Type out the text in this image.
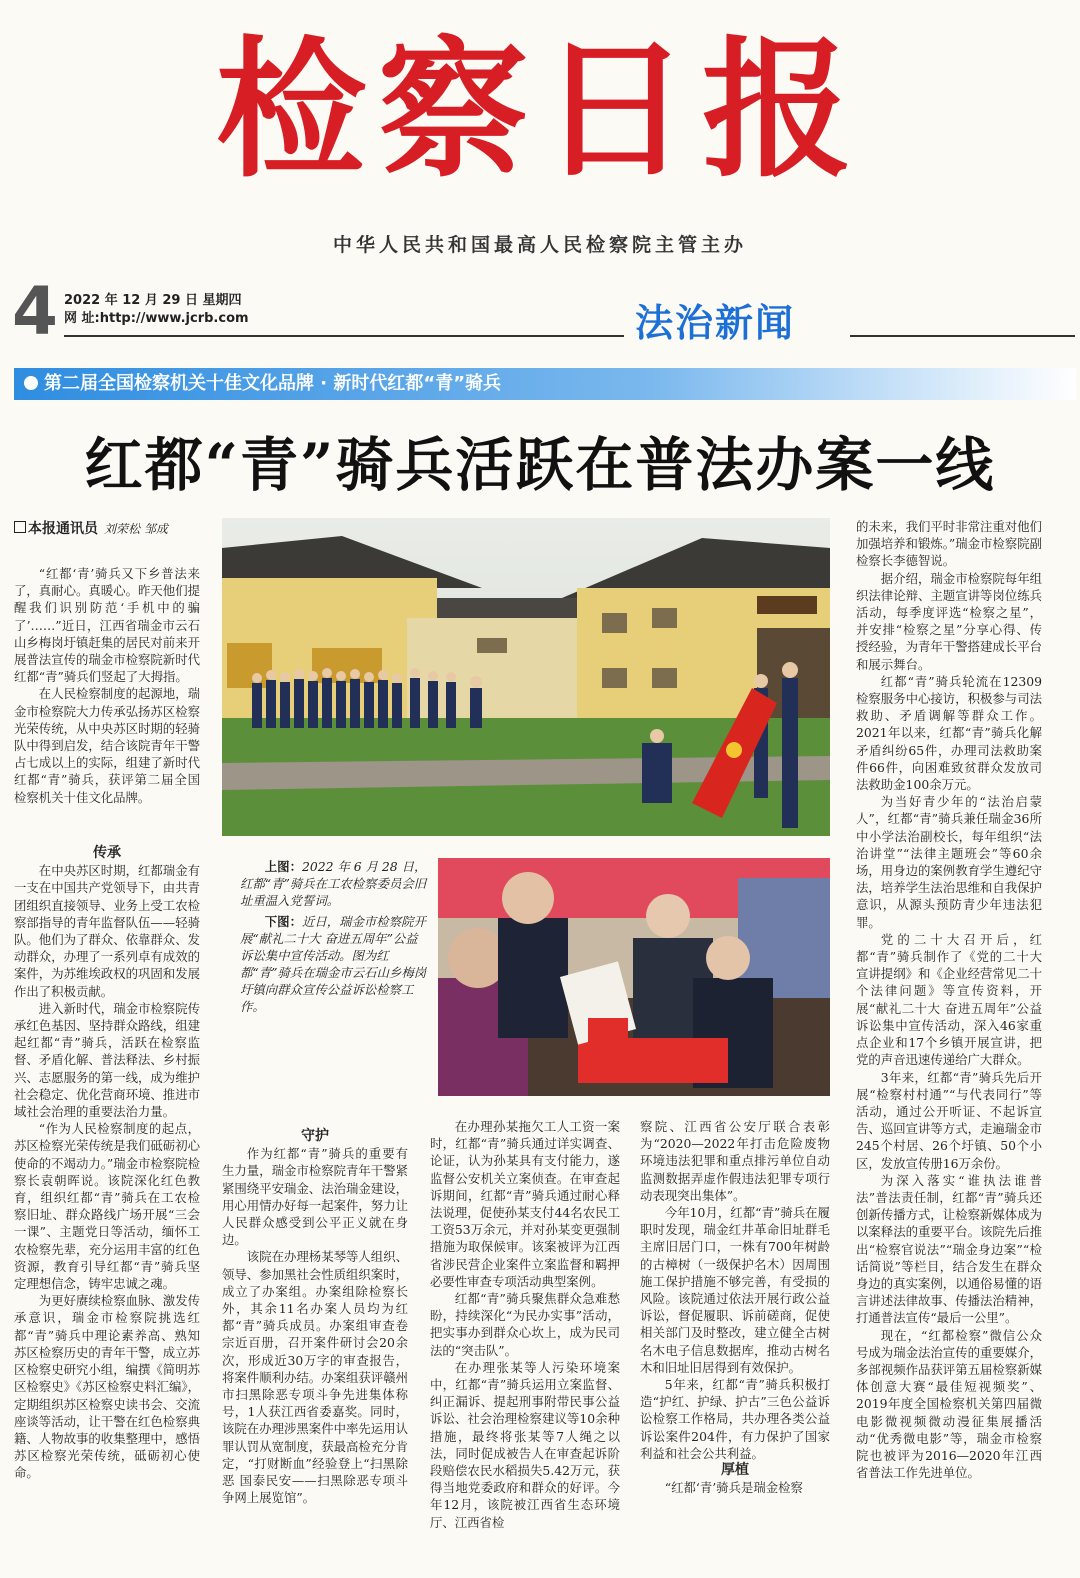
检察日报
中华人民共和国最高人民检察院主管主办
4 2022 年 12 月 29 日 星期四
网 址:http://www.jcrb.com	法治新闻
第二届全国检察机关十佳文化品牌 · 新时代红都“青”骑兵
红都“青”骑兵活跃在普法办案一线
本报通讯员 刘荣松 邹成

“红都‘青’骑兵又下乡普法来了，真耐心。真暖心。昨天他们提醒我们识别防范‘手机中的骗了’……”近日，江西省瑞金市云石山乡梅岗圩镇赶集的居民对前来开展普法宣传的瑞金市检察院新时代红都“青”骑兵们竖起了大拇指。

在人民检察制度的起源地，瑞金市检察院大力传承弘扬苏区检察光荣传统，从中央苏区时期的轻骑队中得到启发，结合该院青年干警占七成以上的实际，组建了新时代红都“青”骑兵，获评第二届全国检察机关十佳文化品牌。

传承

在中央苏区时期，红都瑞金有一支在中国共产党领导下，由共青团组织直接领导、业务上受工农检察部指导的青年监督队伍——轻骑队。他们为了群众、依靠群众、发动群众，办理了一系列卓有成效的案件，为苏维埃政权的巩固和发展作出了积极贡献。

进入新时代，瑞金市检察院传承红色基因、坚持群众路线，组建起红都“青”骑兵，活跃在检察监督、矛盾化解、普法释法、乡村振兴、志愿服务的第一线，成为维护社会稳定、优化营商环境、推进市域社会治理的重要法治力量。

“作为人民检察制度的起点，苏区检察光荣传统是我们砥砺初心使命的不竭动力。”瑞金市检察院检察长袁朝晖说。该院深化红色教育，组织红都“青”骑兵在工农检察旧址、群众路线广场开展“三会一课”、主题党日等活动，缅怀工农检察先辈，充分运用丰富的红色资源，教育引导红都“青”骑兵坚定理想信念，铸牢忠诚之魂。

为更好赓续检察血脉、激发传承意识，瑞金市检察院挑选红都“青”骑兵中理论素养高、熟知苏区检察历史的青年干警，成立苏区检察史研究小组，编撰《简明苏区检察史》《苏区检察史料汇编》，定期组织苏区检察史读书会、交流座谈等活动，让干警在红色检察典籍、人物故事的收集整理中，感悟苏区检察光荣传统，砥砺初心使命。

上图：2022 年 6 月 28 日，红都“青”骑兵在工农检察委员会旧址重温入党誓词。

下图：近日，瑞金市检察院开展“献礼二十大 奋进五周年”公益诉讼集中宣传活动。图为红都“青”骑兵在瑞金市云石山乡梅岗圩镇向群众宣传公益诉讼检察工作。

守护

作为红都“青”骑兵的重要有生力量，瑞金市检察院青年干警紧紧围绕平安瑞金、法治瑞金建设，用心用情办好每一起案件，努力让人民群众感受到公平正义就在身边。

该院在办理杨某琴等人组织、领导、参加黑社会性质组织案时，成立了办案组。办案组除检察长外，其余11名办案人员均为红都“青”骑兵成员。办案组审查卷宗近百册，召开案件研讨会20余次，形成近30万字的审查报告，将案件顺利办结。办案组获评赣州市扫黑除恶专项斗争先进集体称号，1人获江西省委嘉奖。同时，该院在办理涉黑案件中率先运用认罪认罚从宽制度，获最高检充分肯定，“打财断血”经验登上“扫黑除恶 国泰民安——扫黑除恶专项斗争网上展览馆”。

在办理孙某拖欠工人工资一案时，红都“青”骑兵通过详实调查、论证，认为孙某具有支付能力，遂监督公安机关立案侦查。在审查起诉期间，红都“青”骑兵通过耐心释法说理，促使孙某支付44名农民工工资53万余元，并对孙某变更强制措施为取保候审。该案被评为江西省涉民营企业案件立案监督和羁押必要性审查专项活动典型案例。

红都“青”骑兵聚焦群众急难愁盼，持续深化“为民办实事”活动，把实事办到群众心坎上，成为民司法的“突击队”。

在办理张某等人污染环境案中，红都“青”骑兵运用立案监督、纠正漏诉、提起刑事附带民事公益诉讼、社会治理检察建议等10余种措施，最终将张某等7人绳之以法，同时促成被告人在审查起诉阶段赔偿农民水稻损失5.42万元，获得当地党委政府和群众的好评。今年12月，该院被江西省生态环境厅、江西省检

察院、江西省公安厅联合表彰为“2020—2022年打击危险废物环境违法犯罪和重点排污单位自动监测数据弄虚作假违法犯罪专项行动表现突出集体”。

今年10月，红都“青”骑兵在履职时发现，瑞金红井革命旧址群毛主席旧居门口，一株有700年树龄的古樟树（一级保护名木）因周围施工保护措施不够完善，有受损的风险。该院通过依法开展行政公益诉讼，督促履职、诉前磋商，促使相关部门及时整改，建立健全古树名木电子信息数据库，推动古树名木和旧址旧居得到有效保护。

5年来，红都“青”骑兵积极打造“护红、护绿、护古”三色公益诉讼检察工作格局，共办理各类公益诉讼案件204件，有力保护了国家利益和社会公共利益。

厚植

“红都‘青’骑兵是瑞金检察

的未来，我们平时非常注重对他们加强培养和锻炼。”瑞金市检察院副检察长李德智说。

据介绍，瑞金市检察院每年组织法律论辩、主题宣讲等岗位练兵活动，每季度评选“检察之星”，并安排“检察之星”分享心得、传授经验，为青年干警搭建成长平台和展示舞台。

红都“青”骑兵轮流在12309检察服务中心接访，积极参与司法救助、矛盾调解等群众工作。2021年以来，红都“青”骑兵化解矛盾纠纷65件，办理司法救助案件66件，向困难致贫群众发放司法救助金100余万元。

为当好青少年的“法治启蒙人”，红都“青”骑兵兼任瑞金36所中小学法治副校长，每年组织“法治讲堂”“法律主题班会”等60余场，用身边的案例教育学生遵纪守法，培养学生法治思维和自我保护意识，从源头预防青少年违法犯罪。

党的二十大召开后，红都“青”骑兵制作了《党的二十大宣讲提纲》和《企业经营常见二十个法律问题》等宣传资料，开展“献礼二十大 奋进五周年”公益诉讼集中宣传活动，深入46家重点企业和17个乡镇开展宣讲，把党的声音迅速传递给广大群众。

3年来，红都“青”骑兵先后开展“检察村村通”“与代表同行”等活动，通过公开听证、不起诉宣告、巡回宣讲等方式，走遍瑞金市245个村居、26个圩镇、50个小区，发放宣传册16万余份。

为深入落实“谁执法谁普法”普法责任制，红都“青”骑兵还创新传播方式，让检察新媒体成为以案释法的重要平台。该院先后推出“检察官说法”“瑞金身边案”“检话简说”等栏目，结合发生在群众身边的真实案例，以通俗易懂的语言讲述法律故事、传播法治精神，打通普法宣传“最后一公里”。

现在，“红都检察”微信公众号成为瑞金法治宣传的重要媒介，多部视频作品获评第五届检察新媒体创意大赛“最佳短视频奖”、2019年度全国检察机关第四届微电影微视频微动漫征集展播活动“优秀微电影”等，瑞金市检察院也被评为2016—2020年江西省普法工作先进单位。
